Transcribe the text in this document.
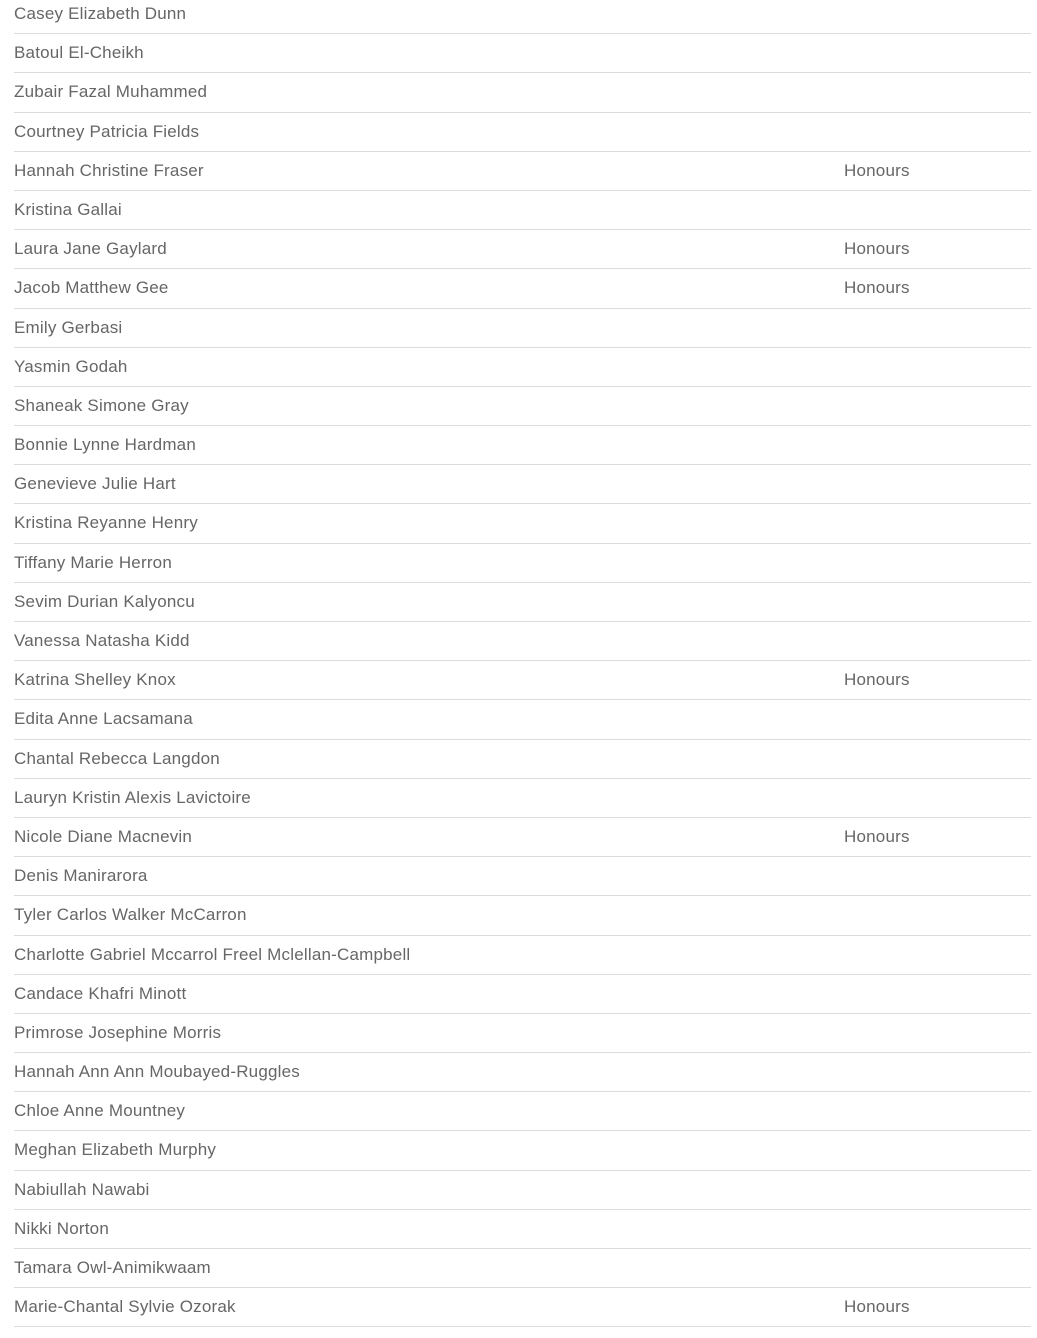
Casey Elizabeth Dunn
Batoul El-Cheikh
Zubair Fazal Muhammed
Courtney Patricia Fields
Hannah Christine Fraser	Honours
Kristina Gallai
Laura Jane Gaylard	Honours
Jacob Matthew Gee	Honours
Emily Gerbasi
Yasmin Godah
Shaneak Simone Gray
Bonnie Lynne Hardman
Genevieve Julie Hart
Kristina Reyanne Henry
Tiffany Marie Herron
Sevim Durian Kalyoncu
Vanessa Natasha Kidd
Katrina Shelley Knox	Honours
Edita Anne Lacsamana
Chantal Rebecca Langdon
Lauryn Kristin Alexis Lavictoire
Nicole Diane Macnevin	Honours
Denis Manirarora
Tyler Carlos Walker McCarron
Charlotte Gabriel Mccarrol Freel Mclellan-Campbell
Candace Khafri Minott
Primrose Josephine Morris
Hannah Ann Ann Moubayed-Ruggles
Chloe Anne Mountney
Meghan Elizabeth Murphy
Nabiullah Nawabi
Nikki Norton
Tamara Owl-Animikwaam
Marie-Chantal Sylvie Ozorak	Honours
